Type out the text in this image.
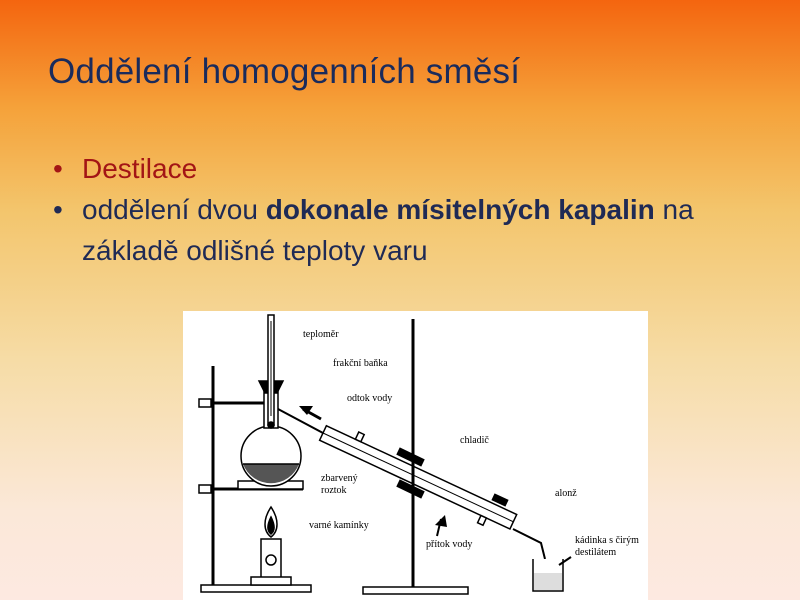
Oddělení homogenních směsí
• Destilace
• oddělení dvou dokonale mísitelných kapalin na základě odlišné teploty varu
teploměr
frakční baňka
odtok vody
chladič
zbarvený
roztok	alonž
varné kamínky
přítok vody	kádinka s čirým
destilátem
